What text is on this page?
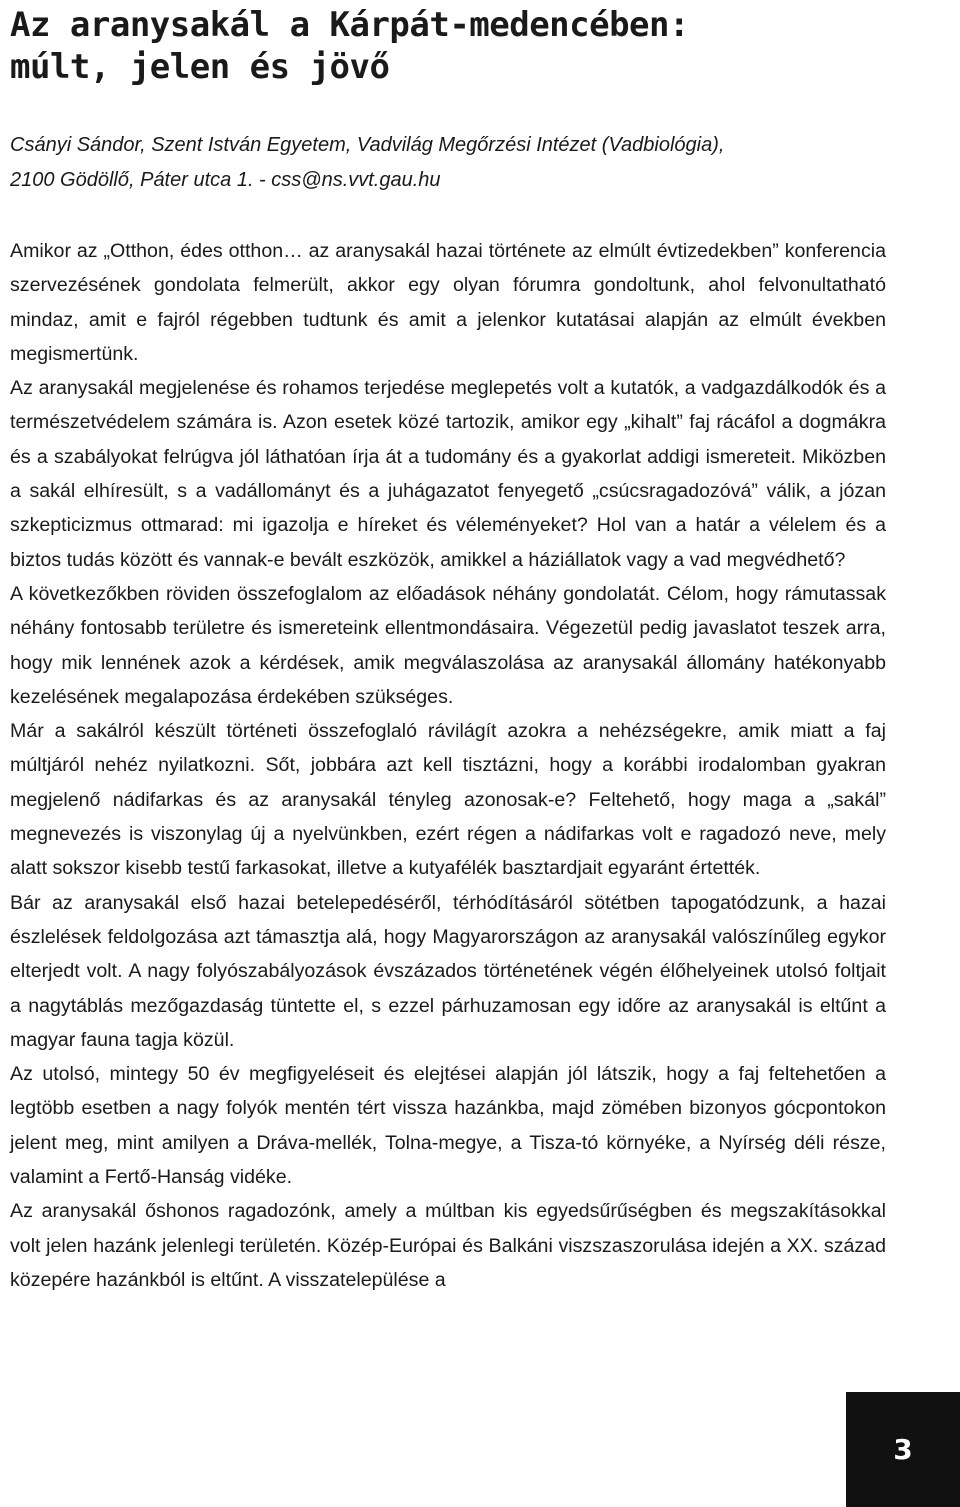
Az aranysakál a Kárpát-medencében:
múlt, jelen és jövő

Csányi Sándor, Szent István Egyetem, Vadvilág Megőrzési Intézet (Vadbiológia),
2100 Gödöllő, Páter utca 1. - css@ns.vvt.gau.hu

Amikor az „Otthon, édes otthon… az aranysakál hazai története az elmúlt évtizedekben” konferencia szervezésének gondolata felmerült, akkor egy olyan fórumra gondoltunk, ahol felvonultatható mindaz, amit e fajról régebben tudtunk és amit a jelenkor kutatásai alapján az elmúlt években megismertünk.

Az aranysakál megjelenése és rohamos terjedése meglepetés volt a kutatók, a vadgazdálkodók és a természetvédelem számára is. Azon esetek közé tartozik, amikor egy „kihalt” faj rácáfol a dogmákra és a szabályokat felrúgva jól láthatóan írja át a tudomány és a gyakorlat addigi ismereteit. Miközben a sakál elhíresült, s a vadállományt és a juhágazatot fenyegető „csúcsragadozóvá” válik, a józan szkepticizmus ottmarad: mi igazolja e híreket és véleményeket? Hol van a határ a vélelem és a biztos tudás között és vannak-e bevált eszközök, amikkel a háziállatok vagy a vad megvédhető?

A következőkben röviden összefoglalom az előadások néhány gondolatát. Célom, hogy rámutassak néhány fontosabb területre és ismereteink ellentmondásaira. Végezetül pedig javaslatot teszek arra, hogy mik lennének azok a kérdések, amik megválaszolása az aranysakál állomány hatékonyabb kezelésének megalapozása érdekében szükséges.

Már a sakálról készült történeti összefoglaló rávilágít azokra a nehézségekre, amik miatt a faj múltjáról nehéz nyilatkozni. Sőt, jobbára azt kell tisztázni, hogy a korábbi irodalomban gyakran megjelenő nádifarkas és az aranysakál tényleg azonosak-e? Feltehető, hogy maga a „sakál” megnevezés is viszonylag új a nyelvünkben, ezért régen a nádifarkas volt e ragadozó neve, mely alatt sokszor kisebb testű farkasokat, illetve a kutyafélék basztardjait egyaránt értették.

Bár az aranysakál első hazai betelepedéséről, térhódításáról sötétben tapogatódzunk, a hazai észlelések feldolgozása azt támasztja alá, hogy Magyarországon az aranysakál valószínűleg egykor elterjedt volt. A nagy folyószabályozások évszázados történetének végén élőhelyeinek utolsó foltjait a nagytáblás mezőgazdaság tüntette el, s ezzel párhuzamosan egy időre az aranysakál is eltűnt a magyar fauna tagja közül.

Az utolsó, mintegy 50 év megfigyeléseit és elejtései alapján jól látszik, hogy a faj feltehetően a legtöbb esetben a nagy folyók mentén tért vissza hazánkba, majd zömében bizonyos gócpontokon jelent meg, mint amilyen a Dráva-mellék, Tolna-megye, a Tisza-tó környéke, a Nyírség déli része, valamint a Fertő-Hanság vidéke.

Az aranysakál őshonos ragadozónk, amely a múltban kis egyedsűrűségben és megszakításokkal volt jelen hazánk jelenlegi területén. Közép-Európai és Balkáni viszszaszorulása idején a XX. század közepére hazánkból is eltűnt. A visszatelepülése a

3
